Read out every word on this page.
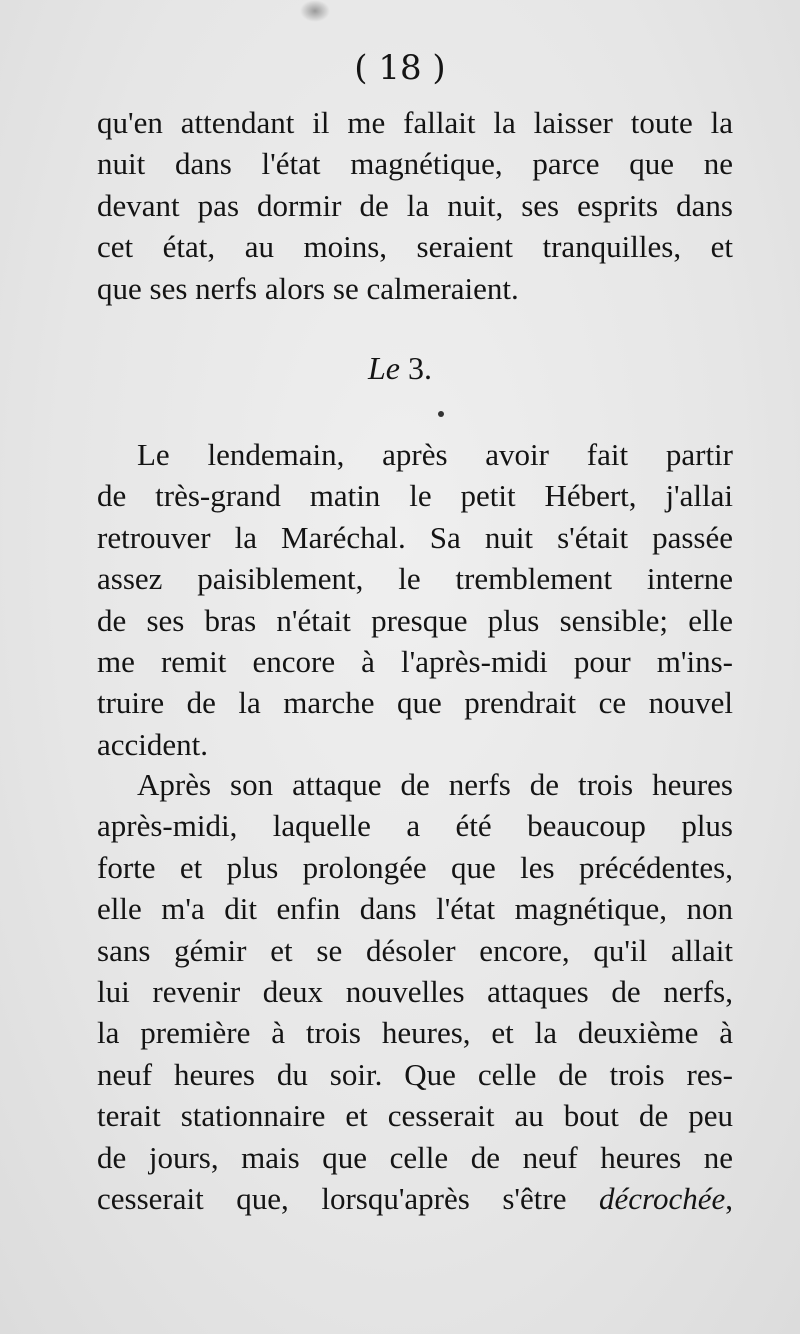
( 18 )
qu'en attendant il me fallait la laisser toute la
nuit dans l'état magnétique, parce que ne
devant pas dormir de la nuit, ses esprits dans
cet état, au moins, seraient tranquilles, et
que ses nerfs alors se calmeraient.
Le 3.
Le lendemain, après avoir fait partir
de très-grand matin le petit Hébert, j'allai
retrouver la Maréchal. Sa nuit s'était passée
assez paisiblement, le tremblement interne
de ses bras n'était presque plus sensible; elle
me remit encore à l'après-midi pour m'ins-
truire de la marche que prendrait ce nouvel
accident.
Après son attaque de nerfs de trois heures
après-midi, laquelle a été beaucoup plus
forte et plus prolongée que les précédentes,
elle m'a dit enfin dans l'état magnétique, non
sans gémir et se désoler encore, qu'il allait
lui revenir deux nouvelles attaques de nerfs,
la première à trois heures, et la deuxième à
neuf heures du soir. Que celle de trois res-
terait stationnaire et cesserait au bout de peu
de jours, mais que celle de neuf heures ne
cesserait que, lorsqu'après s'être décrochée,
